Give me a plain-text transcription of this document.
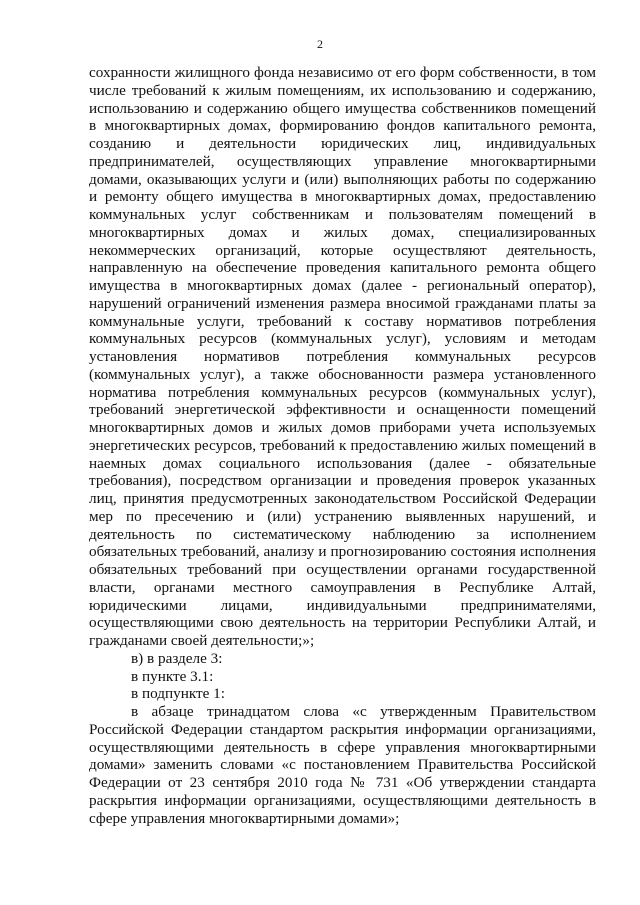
2

сохранности жилищного фонда независимо от его форм собственности, в том числе требований к жилым помещениям, их использованию и содержанию, использованию и содержанию общего имущества собственников помещений в многоквартирных домах, формированию фондов капитального ремонта, созданию и деятельности юридических лиц, индивидуальных предпринимателей, осуществляющих управление многоквартирными домами, оказывающих услуги и (или) выполняющих работы по содержанию и ремонту общего имущества в многоквартирных домах, предоставлению коммунальных услуг собственникам и пользователям помещений в многоквартирных домах и жилых домах, специализированных некоммерческих организаций, которые осуществляют деятельность, направленную на обеспечение проведения капитального ремонта общего имущества в многоквартирных домах (далее - региональный оператор), нарушений ограничений изменения размера вносимой гражданами платы за коммунальные услуги, требований к составу нормативов потребления коммунальных ресурсов (коммунальных услуг), условиям и методам установления нормативов потребления коммунальных ресурсов (коммунальных услуг), а также обоснованности размера установленного норматива потребления коммунальных ресурсов (коммунальных услуг), требований энергетической эффективности и оснащенности помещений многоквартирных домов и жилых домов приборами учета используемых энергетических ресурсов, требований к предоставлению жилых помещений в наемных домах социального использования (далее - обязательные требования), посредством организации и проведения проверок указанных лиц, принятия предусмотренных законодательством Российской Федерации мер по пресечению и (или) устранению выявленных нарушений, и деятельность по систематическому наблюдению за исполнением обязательных требований, анализу и прогнозированию состояния исполнения обязательных требований при осуществлении органами государственной власти, органами местного самоуправления в Республике Алтай, юридическими лицами, индивидуальными предпринимателями, осуществляющими свою деятельность на территории Республики Алтай, и гражданами своей деятельности;»;

в) в разделе 3:

в пункте 3.1:

в подпункте 1:

в абзаце тринадцатом слова «с утвержденным Правительством Российской Федерации стандартом раскрытия информации организациями, осуществляющими деятельность в сфере управления многоквартирными домами» заменить словами «с постановлением Правительства Российской Федерации от 23 сентября 2010 года № 731 «Об утверждении стандарта раскрытия информации организациями, осуществляющими деятельность в сфере управления многоквартирными домами»;
